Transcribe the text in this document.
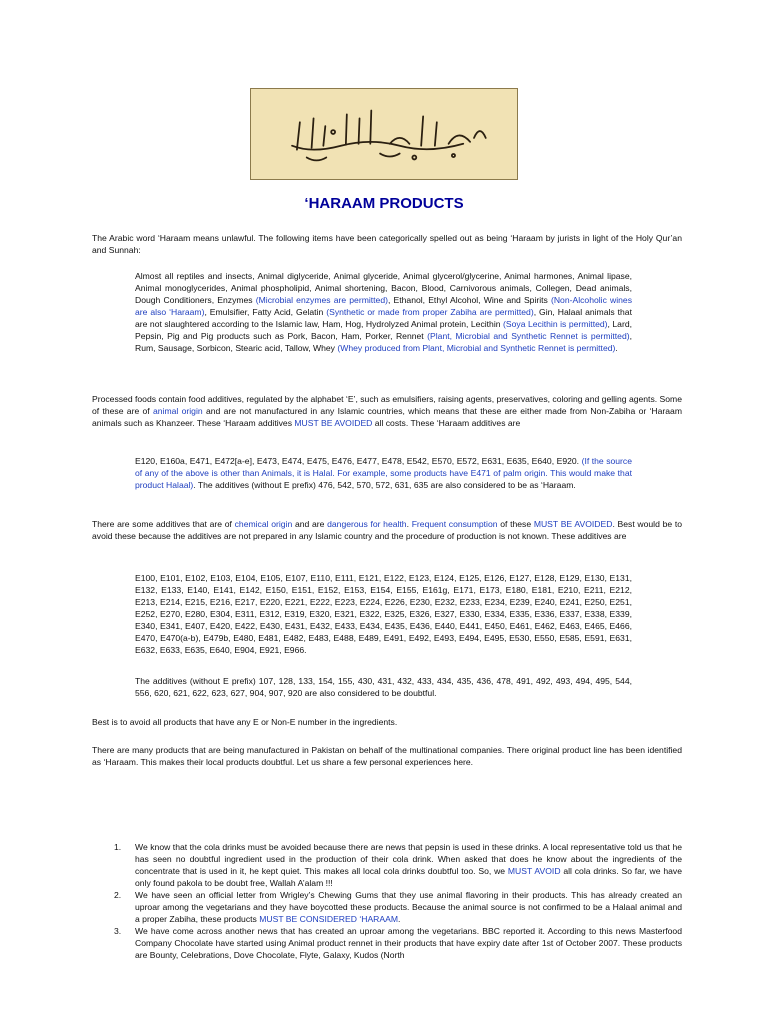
‘HARAAM PRODUCTS

The Arabic word ‘Haraam means unlawful. The following items have been categorically spelled out as being ‘Haraam by jurists in light of the Holy Qur’an and Sunnah:

Almost all reptiles and insects, Animal diglyceride, Animal glyceride, Animal glycerol/glycerine, Animal harmones, Animal lipase, Animal monoglycerides, Animal phospholipid, Animal shortening, Bacon, Blood, Carnivorous animals, Collegen, Dead animals, Dough Conditioners, Enzymes (Microbial enzymes are permitted), Ethanol, Ethyl Alcohol, Wine and Spirits (Non-Alcoholic wines are also ‘Haraam), Emulsifier, Fatty Acid, Gelatin (Synthetic or made from proper Zabiha are permitted), Gin, Halaal animals that are not slaughtered according to the Islamic law, Ham, Hog, Hydrolyzed Animal protein, Lecithin (Soya Lecithin is permitted), Lard, Pepsin, Pig and Pig products such as Pork, Bacon, Ham, Porker, Rennet (Plant, Microbial and Synthetic Rennet is permitted), Rum, Sausage, Sorbicon, Stearic acid, Tallow, Whey (Whey produced from Plant, Microbial and Synthetic Rennet is permitted).

Processed foods contain food additives, regulated by the alphabet ‘E’, such as emulsifiers, raising agents, preservatives, coloring and gelling agents. Some of these are of animal origin and are not manufactured in any Islamic countries, which means that these are either made from Non-Zabiha or ‘Haraam animals such as Khanzeer. These ‘Haraam additives MUST BE AVOIDED all costs. These ‘Haraam additives are

E120, E160a, E471, E472[a-e], E473, E474, E475, E476, E477, E478, E542, E570, E572, E631, E635, E640, E920. (If the source of any of the above is other than Animals, it is Halal. For example, some products have E471 of palm origin. This would make that product Halaal). The additives (without E prefix) 476, 542, 570, 572, 631, 635 are also considered to be as ‘Haraam.

There are some additives that are of chemical origin and are dangerous for health. Frequent consumption of these MUST BE AVOIDED. Best would be to avoid these because the additives are not prepared in any Islamic country and the procedure of production is not known. These additives are

E100, E101, E102, E103, E104, E105, E107, E110, E111, E121, E122, E123, E124, E125, E126, E127, E128, E129, E130, E131, E132, E133, E140, E141, E142, E150, E151, E152, E153, E154, E155, E161g, E171, E173, E180, E181, E210, E211, E212, E213, E214, E215, E216, E217, E220, E221, E222, E223, E224, E226, E230, E232, E233, E234, E239, E240, E241, E250, E251, E252, E270, E280, E304, E311, E312, E319, E320, E321, E322, E325, E326, E327, E330, E334, E335, E336, E337, E338, E339, E340, E341, E407, E420, E422, E430, E431, E432, E433, E434, E435, E436, E440, E441, E450, E461, E462, E463, E465, E466, E470, E470(a-b), E479b, E480, E481, E482, E483, E488, E489, E491, E492, E493, E494, E495, E530, E550, E585, E591, E631, E632, E633, E635, E640, E904, E921, E966.

The additives (without E prefix) 107, 128, 133, 154, 155, 430, 431, 432, 433, 434, 435, 436, 478, 491, 492, 493, 494, 495, 544, 556, 620, 621, 622, 623, 627, 904, 907, 920 are also considered to be doubtful.

Best is to avoid all products that have any E or Non-E number in the ingredients.

There are many products that are being manufactured in Pakistan on behalf of the multinational companies. There original product line has been identified as ‘Haraam. This makes their local products doubtful. Let us share a few personal experiences here.

1. We know that the cola drinks must be avoided because there are news that pepsin is used in these drinks. A local representative told us that he has seen no doubtful ingredient used in the production of their cola drink. When asked that does he know about the ingredients of the concentrate that is used in it, he kept quiet. This makes all local cola drinks doubtful too. So, we MUST AVOID all cola drinks. So far, we have only found pakola to be doubt free, Wallah A’alam !!!
2. We have seen an official letter from Wrigley’s Chewing Gums that they use animal flavoring in their products. This has already created an uproar among the vegetarians and they have boycotted these products. Because the animal source is not confirmed to be a Halaal animal and a proper Zabiha, these products MUST BE CONSIDERED ‘HARAAM.
3. We have come across another news that has created an uproar among the vegetarians. BBC reported it. According to this news Masterfood Company Chocolate have started using Animal product rennet in their products that have expiry date after 1st of October 2007. These products are Bounty, Celebrations, Dove Chocolate, Flyte, Galaxy, Kudos (North
